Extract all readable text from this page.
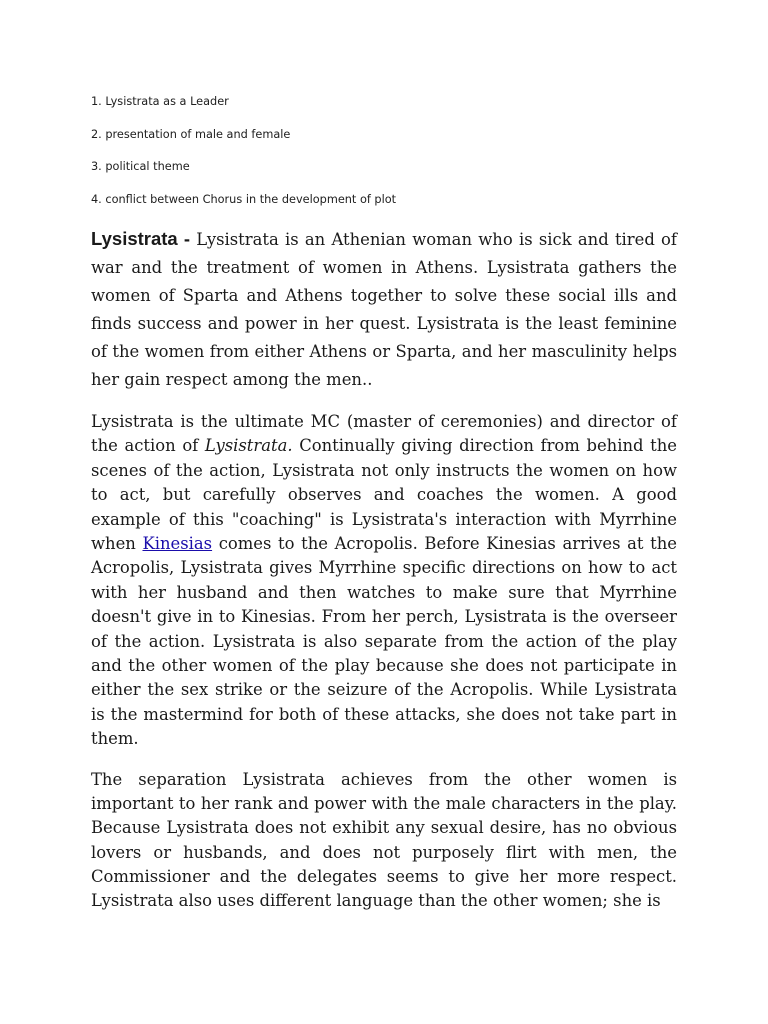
1. Lysistrata as a Leader
2. presentation of male and female
3. political theme
4. conflict between Chorus in the development of plot

Lysistrata - Lysistrata is an Athenian woman who is sick and tired of war and the treatment of women in Athens. Lysistrata gathers the women of Sparta and Athens together to solve these social ills and finds success and power in her quest. Lysistrata is the least feminine of the women from either Athens or Sparta, and her masculinity helps her gain respect among the men..

Lysistrata is the ultimate MC (master of ceremonies) and director of the action of Lysistrata. Continually giving direction from behind the scenes of the action, Lysistrata not only instructs the women on how to act, but carefully observes and coaches the women. A good example of this "coaching" is Lysistrata's interaction with Myrrhine when Kinesias comes to the Acropolis. Before Kinesias arrives at the Acropolis, Lysistrata gives Myrrhine specific directions on how to act with her husband and then watches to make sure that Myrrhine doesn't give in to Kinesias. From her perch, Lysistrata is the overseer of the action. Lysistrata is also separate from the action of the play and the other women of the play because she does not participate in either the sex strike or the seizure of the Acropolis. While Lysistrata is the mastermind for both of these attacks, she does not take part in them.

The separation Lysistrata achieves from the other women is important to her rank and power with the male characters in the play. Because Lysistrata does not exhibit any sexual desire, has no obvious lovers or husbands, and does not purposely flirt with men, the Commissioner and the delegates seems to give her more respect. Lysistrata also uses different language than the other women; she is
